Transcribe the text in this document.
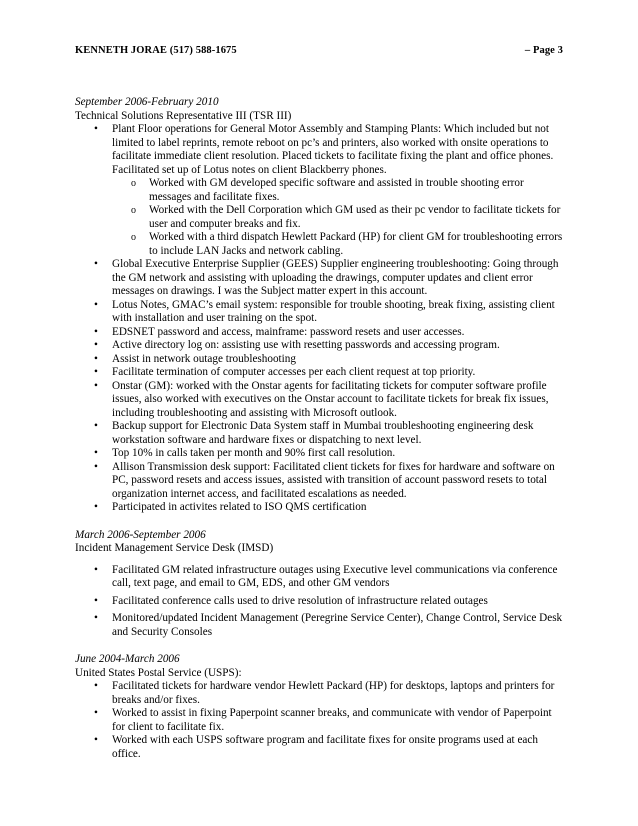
KENNETH JORAE (517) 588-1675	– Page 3
September 2006-February 2010
Technical Solutions Representative III (TSR III)
• Plant Floor operations for General Motor Assembly and Stamping Plants: Which included but not limited to label reprints, remote reboot on pc’s and printers, also worked with onsite operations to facilitate immediate client resolution. Placed tickets to facilitate fixing the plant and office phones. Facilitated set up of Lotus notes on client Blackberry phones.
o Worked with GM developed specific software and assisted in trouble shooting error messages and facilitate fixes.
o Worked with the Dell Corporation which GM used as their pc vendor to facilitate tickets for user and computer breaks and fix.
o Worked with a third dispatch Hewlett Packard (HP) for client GM for troubleshooting errors to include LAN Jacks and network cabling.
• Global Executive Enterprise Supplier (GEES) Supplier engineering troubleshooting: Going through the GM network and assisting with uploading the drawings, computer updates and client error messages on drawings. I was the Subject matter expert in this account.
• Lotus Notes, GMAC’s email system: responsible for trouble shooting, break fixing, assisting client with installation and user training on the spot.
• EDSNET password and access, mainframe: password resets and user accesses.
• Active directory log on: assisting use with resetting passwords and accessing program.
• Assist in network outage troubleshooting
• Facilitate termination of computer accesses per each client request at top priority.
• Onstar (GM): worked with the Onstar agents for facilitating tickets for computer software profile issues, also worked with executives on the Onstar account to facilitate tickets for break fix issues, including troubleshooting and assisting with Microsoft outlook.
• Backup support for Electronic Data System staff in Mumbai troubleshooting engineering desk workstation software and hardware fixes or dispatching to next level.
• Top 10% in calls taken per month and 90% first call resolution.
• Allison Transmission desk support: Facilitated client tickets for fixes for hardware and software on PC, password resets and access issues, assisted with transition of account password resets to total organization internet access, and facilitated escalations as needed.
• Participated in activites related to ISO QMS certification
March 2006-September 2006
Incident Management Service Desk (IMSD)
• Facilitated GM related infrastructure outages using Executive level communications via conference call, text page, and email to GM, EDS, and other GM vendors
• Facilitated conference calls used to drive resolution of infrastructure related outages
• Monitored/updated Incident Management (Peregrine Service Center), Change Control, Service Desk and Security Consoles
June 2004-March 2006
United States Postal Service (USPS):
• Facilitated tickets for hardware vendor Hewlett Packard (HP) for desktops, laptops and printers for breaks and/or fixes.
• Worked to assist in fixing Paperpoint scanner breaks, and communicate with vendor of Paperpoint for client to facilitate fix.
• Worked with each USPS software program and facilitate fixes for onsite programs used at each office.
